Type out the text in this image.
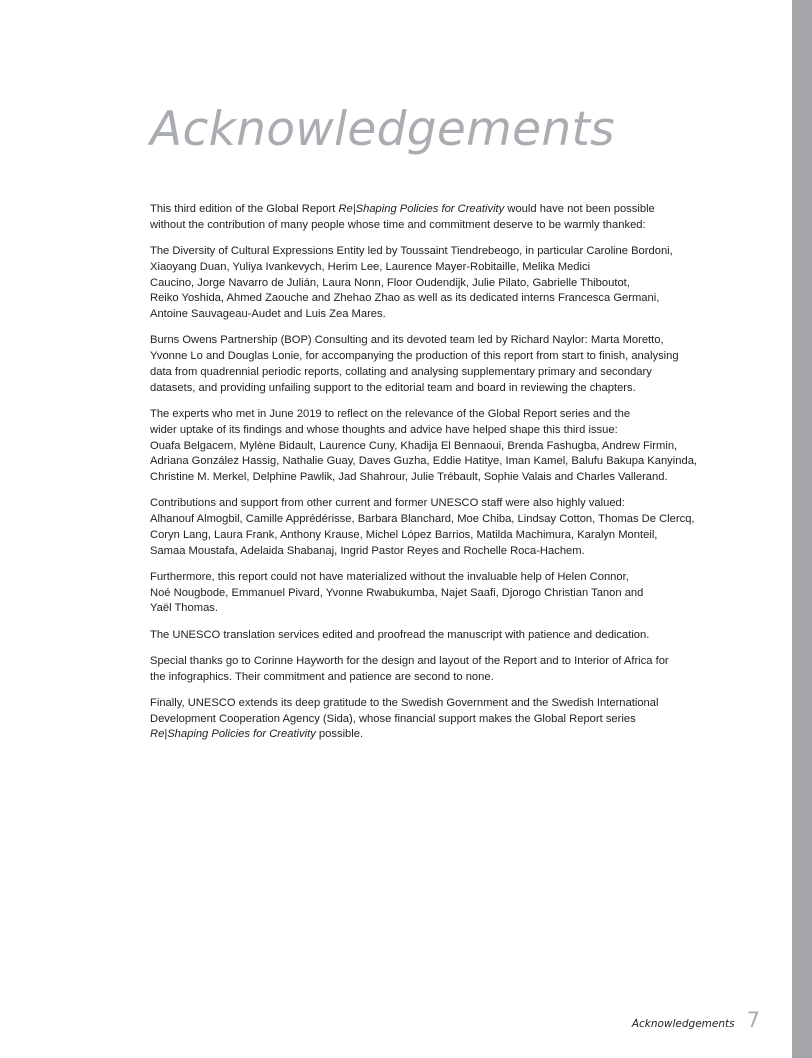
Acknowledgements

This third edition of the Global Report Re|Shaping Policies for Creativity would have not been possible
without the contribution of many people whose time and commitment deserve to be warmly thanked:

The Diversity of Cultural Expressions Entity led by Toussaint Tiendrebeogo, in particular Caroline Bordoni,
Xiaoyang Duan, Yuliya Ivankevych, Herim Lee, Laurence Mayer-Robitaille, Melika Medici
Caucino, Jorge Navarro de Julián, Laura Nonn, Floor Oudendijk, Julie Pilato, Gabrielle Thiboutot,
Reiko Yoshida, Ahmed Zaouche and Zhehao Zhao as well as its dedicated interns Francesca Germani,
Antoine Sauvageau-Audet and Luis Zea Mares.

Burns Owens Partnership (BOP) Consulting and its devoted team led by Richard Naylor: Marta Moretto,
Yvonne Lo and Douglas Lonie, for accompanying the production of this report from start to finish, analysing
data from quadrennial periodic reports, collating and analysing supplementary primary and secondary
datasets, and providing unfailing support to the editorial team and board in reviewing the chapters.

The experts who met in June 2019 to reflect on the relevance of the Global Report series and the
wider uptake of its findings and whose thoughts and advice have helped shape this third issue:
Ouafa Belgacem, Mylène Bidault, Laurence Cuny, Khadija El Bennaoui, Brenda Fashugba, Andrew Firmin,
Adriana González Hassig, Nathalie Guay, Daves Guzha, Eddie Hatitye, Iman Kamel, Balufu Bakupa Kanyinda,
Christine M. Merkel, Delphine Pawlik, Jad Shahrour, Julie Trébault, Sophie Valais and Charles Vallerand.

Contributions and support from other current and former UNESCO staff were also highly valued:
Alhanouf Almogbil, Camille Apprédérisse, Barbara Blanchard, Moe Chiba, Lindsay Cotton, Thomas De Clercq,
Coryn Lang, Laura Frank, Anthony Krause, Michel López Barrios, Matilda Machimura, Karalyn Monteil,
Samaa Moustafa, Adelaida Shabanaj, Ingrid Pastor Reyes and Rochelle Roca-Hachem.

Furthermore, this report could not have materialized without the invaluable help of Helen Connor,
Noé Nougbode, Emmanuel Pivard, Yvonne Rwabukumba, Najet Saafi, Djorogo Christian Tanon and
Yaël Thomas.

The UNESCO translation services edited and proofread the manuscript with patience and dedication.

Special thanks go to Corinne Hayworth for the design and layout of the Report and to Interior of Africa for
the infographics. Their commitment and patience are second to none.

Finally, UNESCO extends its deep gratitude to the Swedish Government and the Swedish International
Development Cooperation Agency (Sida), whose financial support makes the Global Report series
Re|Shaping Policies for Creativity possible.

Acknowledgements 7
